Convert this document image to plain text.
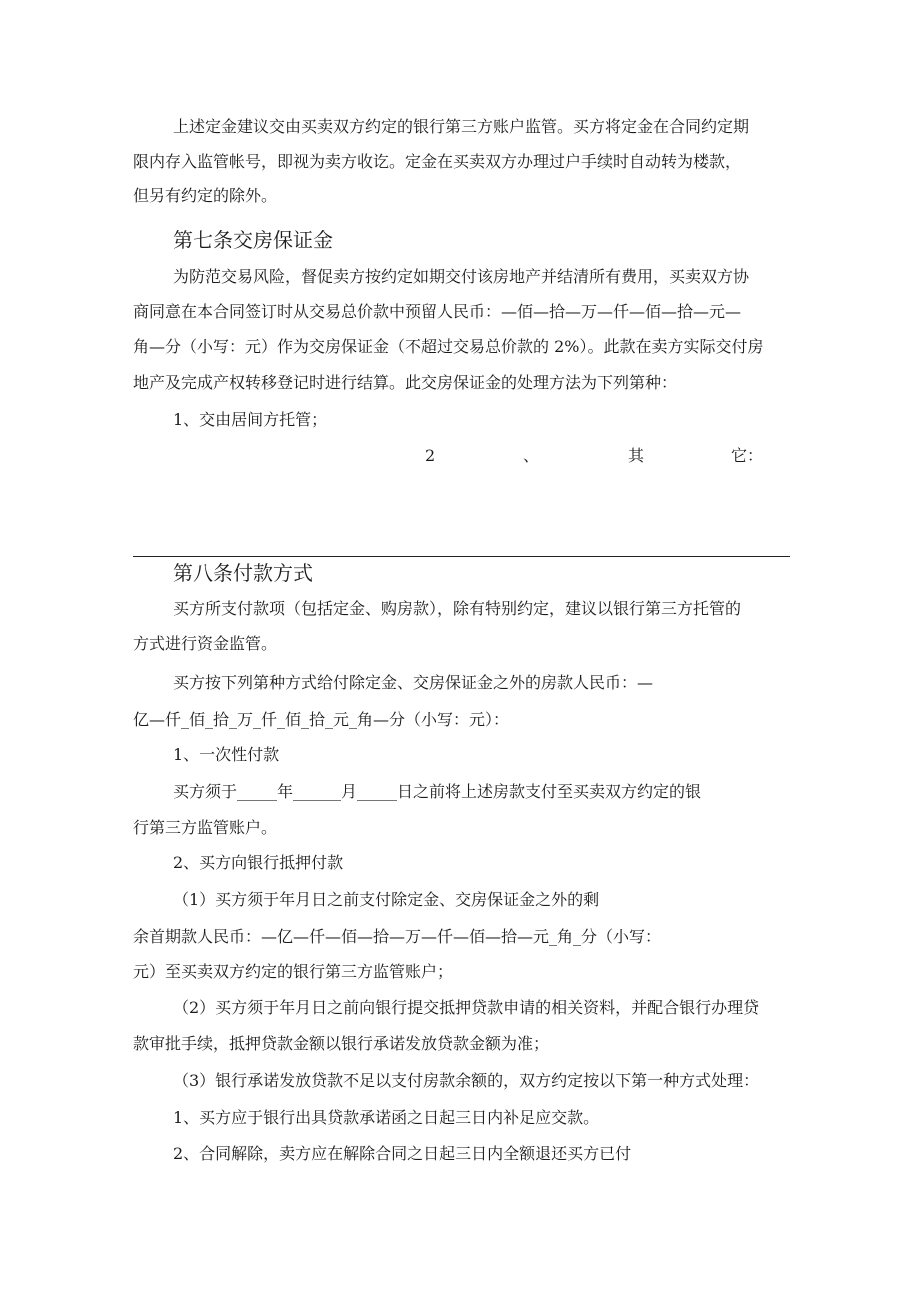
上述定金建议交由买卖双方约定的银行第三方账户监管。买方将定金在合同约定期
限内存入监管帐号，即视为卖方收讫。定金在买卖双方办理过户手续时自动转为楼款，
但另有约定的除外。
第七条交房保证金
为防范交易风险，督促卖方按约定如期交付该房地产并结清所有费用，买卖双方协
商同意在本合同签订时从交易总价款中预留人民币：—佰—拾—万—仟—佰—拾—元—
角—分（小写：元）作为交房保证金（不超过交易总价款的 2%）。此款在卖方实际交付房
地产及完成产权转移登记时进行结算。此交房保证金的处理方法为下列第种：
1、交由居间方托管；
2	、	其	它：
第八条付款方式
买方所支付款项（包括定金、购房款），除有特别约定，建议以银行第三方托管的
方式进行资金监管。
买方按下列第种方式给付除定金、交房保证金之外的房款人民币：—
亿—仟_佰_拾_万_仟_佰_拾_元_角—分（小写：元）：
1、一次性付款
买方须于_____年______月_____日之前将上述房款支付至买卖双方约定的银
行第三方监管账户。
2、买方向银行抵押付款
（1）买方须于年月日之前支付除定金、交房保证金之外的剩
余首期款人民币：—亿—仟—佰—拾—万—仟—佰—拾—元_角_分（小写：
元）至买卖双方约定的银行第三方监管账户；
（2）买方须于年月日之前向银行提交抵押贷款申请的相关资料，并配合银行办理贷
款审批手续，抵押贷款金额以银行承诺发放贷款金额为准；
（3）银行承诺发放贷款不足以支付房款余额的，双方约定按以下第一种方式处理：
1、买方应于银行出具贷款承诺函之日起三日内补足应交款。
2、合同解除，卖方应在解除合同之日起三日内全额退还买方已付
